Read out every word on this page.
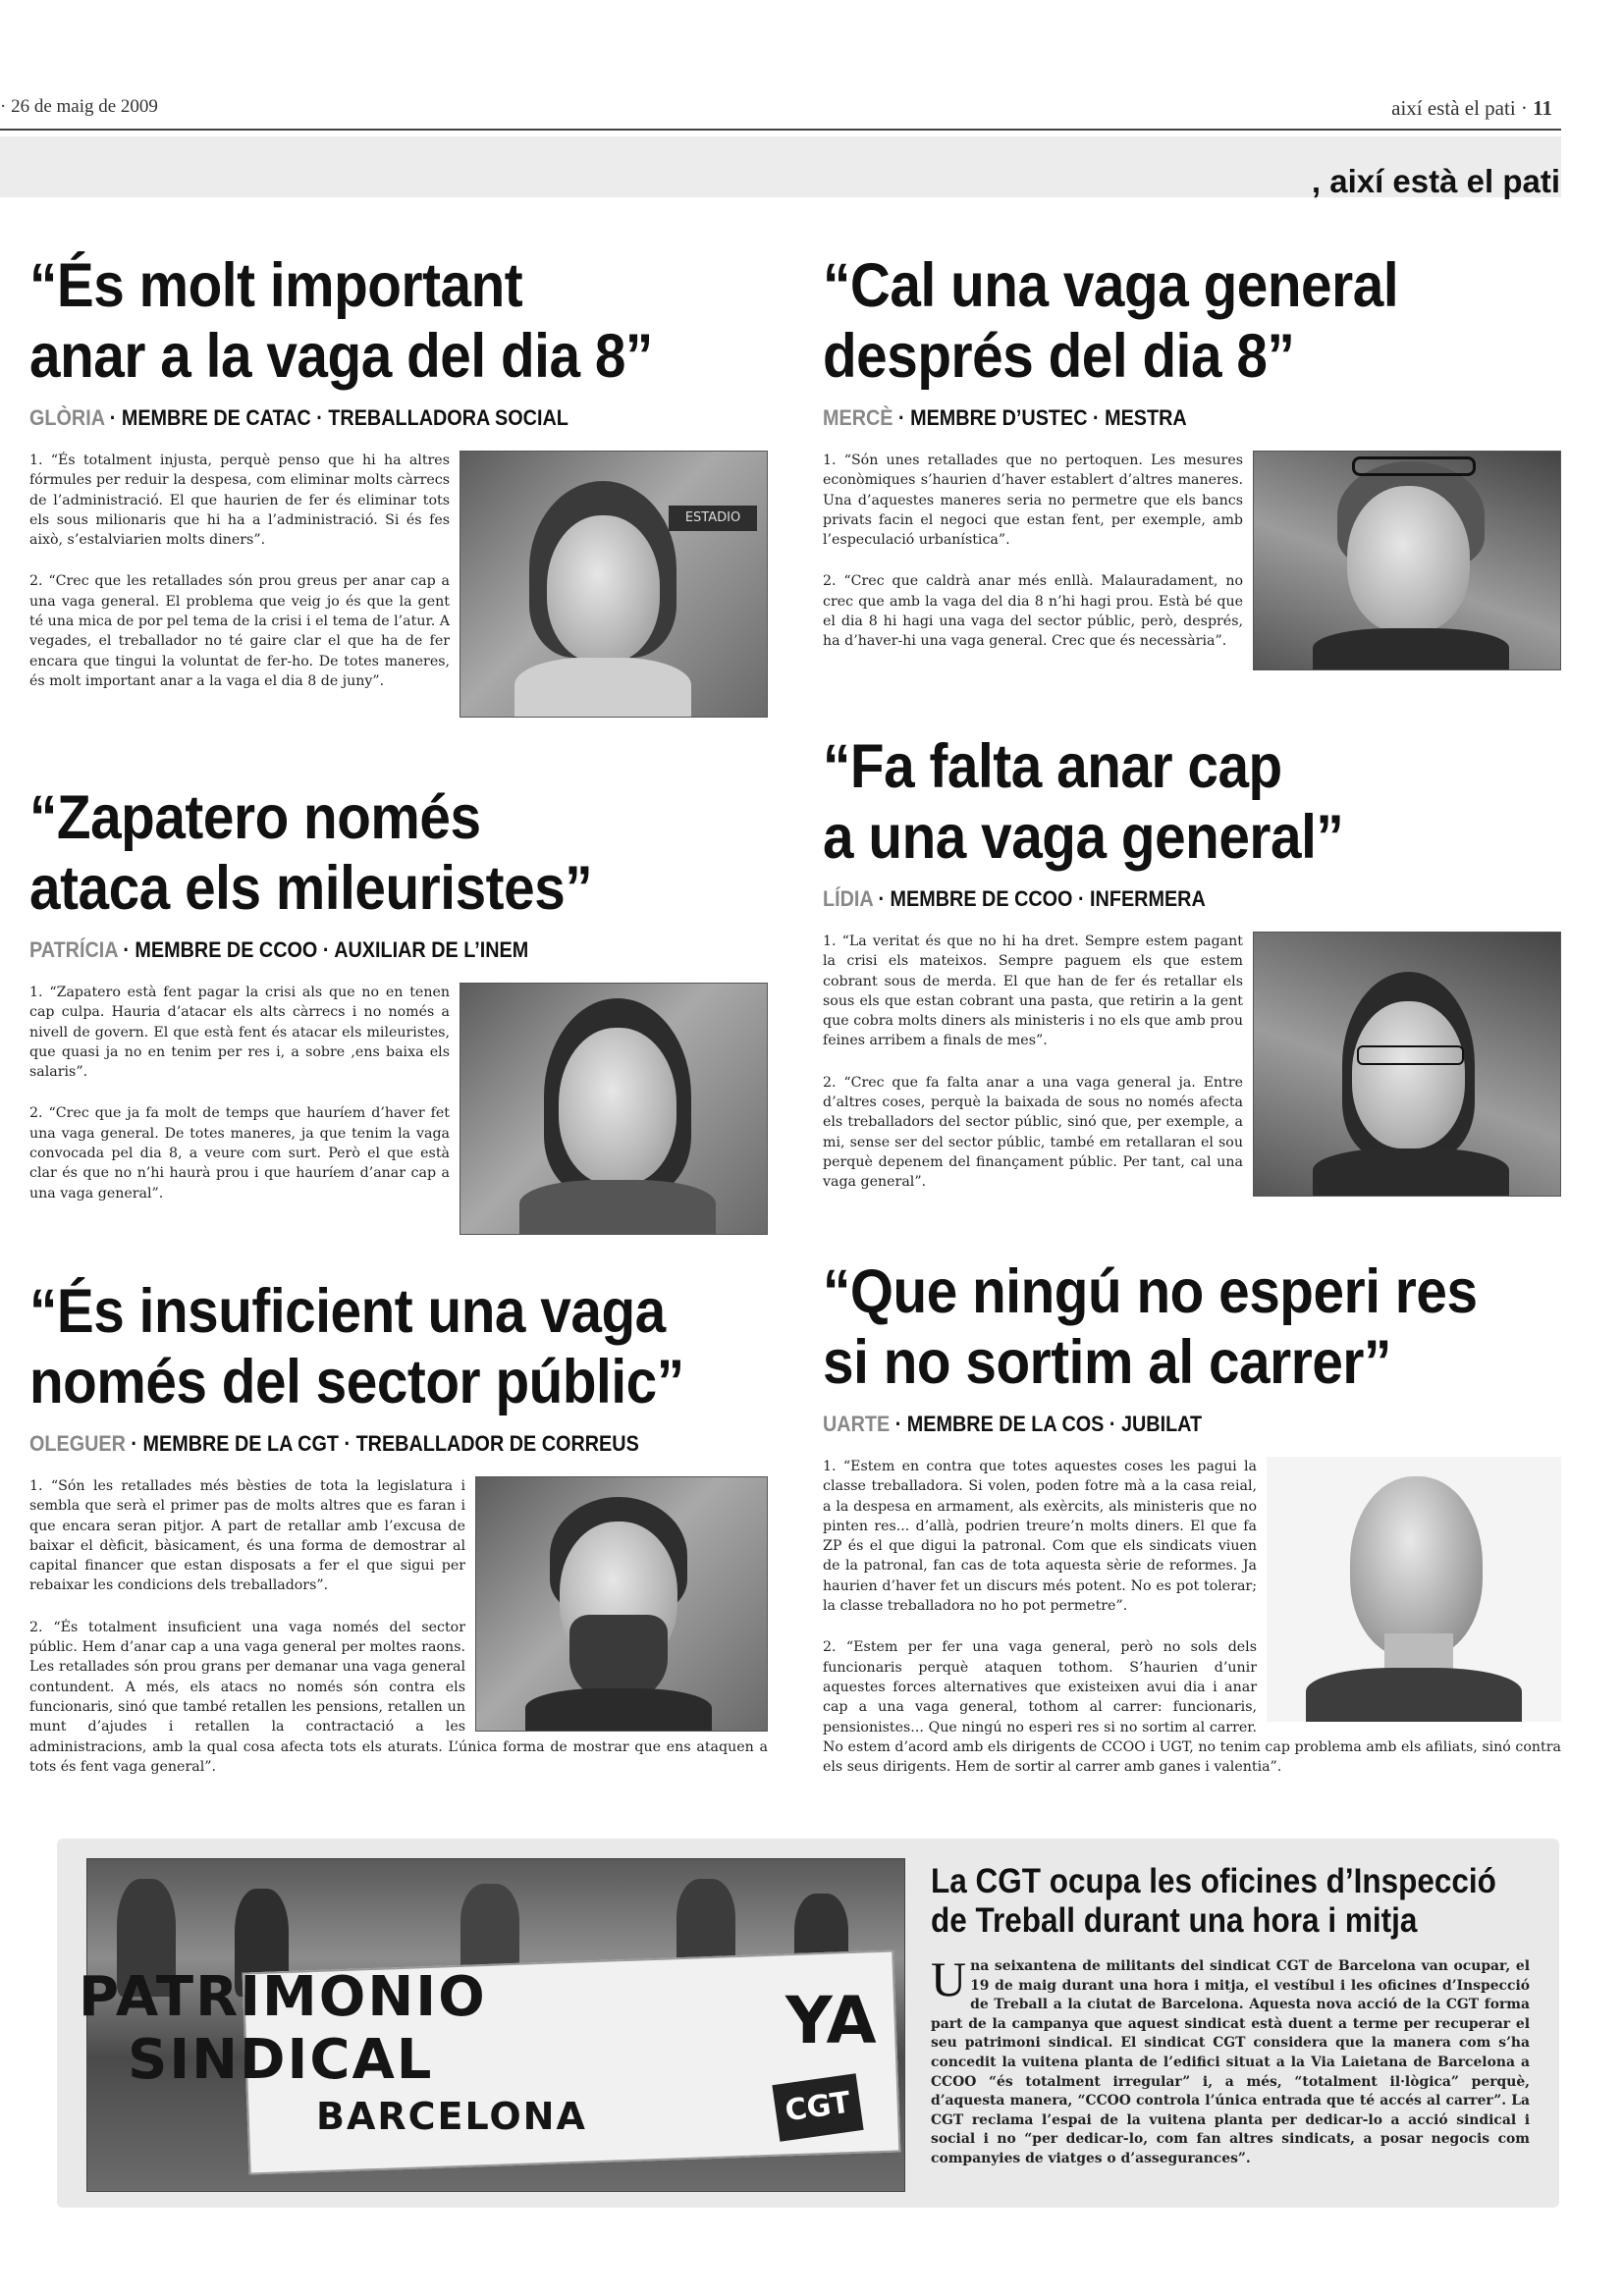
· 26 de maig de 2009	així està el pati · 11
, així està el pati
“És molt important
anar a la vaga del dia 8”
GLÒRIA · MEMBRE DE CATAC · TREBALLADORA SOCIAL
ESTADIO

1. “És totalment injusta, perquè penso que hi ha altres fórmules per reduir la despesa, com eliminar molts càrrecs de l’administració. El que haurien de fer és eliminar tots els sous milionaris que hi ha a l’administració. Si és fes això, s’estalviarien molts diners”.

2. “Crec que les retallades són prou greus per anar cap a una vaga general. El problema que veig jo és que la gent té una mica de por pel tema de la crisi i el tema de l’atur. A vegades, el treballador no té gaire clar el que ha de fer encara que tingui la voluntat de fer-ho. De totes maneres, és molt important anar a la vaga el dia 8 de juny”.

“Cal una vaga general
després del dia 8”
MERCÈ · MEMBRE D’USTEC · MESTRA

1. “Són unes retallades que no pertoquen. Les mesures econòmiques s’haurien d’haver establert d’altres maneres. Una d’aquestes maneres seria no permetre que els bancs privats facin el negoci que estan fent, per exemple, amb l’especulació urbanística”.

2. “Crec que caldrà anar més enllà. Malauradament, no crec que amb la vaga del dia 8 n’hi hagi prou. Està bé que el dia 8 hi hagi una vaga del sector públic, però, després, ha d’haver-hi una vaga general. Crec que és necessària”.

“Zapatero només
ataca els mileuristes”
PATRÍCIA · MEMBRE DE CCOO · AUXILIAR DE L’INEM

1. “Zapatero està fent pagar la crisi als que no en tenen cap culpa. Hauria d’atacar els alts càrrecs i no només a nivell de govern. El que està fent és atacar els mileuristes, que quasi ja no en tenim per res i, a sobre ,ens baixa els salaris”.

2. “Crec que ja fa molt de temps que hauríem d’haver fet una vaga general. De totes maneres, ja que tenim la vaga convocada pel dia 8, a veure com surt. Però el que està clar és que no n’hi haurà prou i que hauríem d’anar cap a una vaga general”.

“Fa falta anar cap
a una vaga general”
LÍDIA · MEMBRE DE CCOO · INFERMERA

1. “La veritat és que no hi ha dret. Sempre estem pagant la crisi els mateixos. Sempre paguem els que estem cobrant sous de merda. El que han de fer és retallar els sous els que estan cobrant una pasta, que retirin a la gent que cobra molts diners als ministeris i no els que amb prou feines arribem a finals de mes”.

2. “Crec que fa falta anar a una vaga general ja. Entre d’altres coses, perquè la baixada de sous no només afecta els treballadors del sector públic, sinó que, per exemple, a mi, sense ser del sector públic, també em retallaran el sou perquè depenem del finançament públic. Per tant, cal una vaga general”.

“És insuficient una vaga
només del sector públic”
OLEGUER · MEMBRE DE LA CGT · TREBALLADOR DE CORREUS

1. “Són les retallades més bèsties de tota la legislatura i sembla que serà el primer pas de molts altres que es faran i que encara seran pitjor. A part de retallar amb l’excusa de baixar el dèficit, bàsicament, és una forma de demostrar al capital financer que estan disposats a fer el que sigui per rebaixar les condicions dels treballadors”.

2. “És totalment insuficient una vaga només del sector públic. Hem d’anar cap a una vaga general per moltes raons. Les retallades són prou grans per demanar una vaga general contundent. A més, els atacs no només són contra els funcionaris, sinó que també retallen les pensions, retallen un munt d’ajudes i retallen la contractació a les administracions, amb la qual cosa afecta tots els aturats. L’única forma de mostrar que ens ataquen a tots és fent vaga general”.

“Que ningú no esperi res
si no sortim al carrer”
UARTE · MEMBRE DE LA COS · JUBILAT

1. “Estem en contra que totes aquestes coses les pagui la classe treballadora. Si volen, poden fotre mà a la casa reial, a la despesa en armament, als exèrcits, als ministeris que no pinten res... d’allà, podrien treure’n molts diners. El que fa ZP és el que digui la patronal. Com que els sindicats viuen de la patronal, fan cas de tota aquesta sèrie de reformes. Ja haurien d’haver fet un discurs més potent. No es pot tolerar; la classe treballadora no ho pot permetre”.

2. “Estem per fer una vaga general, però no sols dels funcionaris perquè ataquen tothom. S’haurien d’unir aquestes forces alternatives que existeixen avui dia i anar cap a una vaga general, tothom al carrer: funcionaris, pensionistes... Que ningú no esperi res si no sortim al carrer. No estem d’acord amb els dirigents de CCOO i UGT, no tenim cap problema amb els afiliats, sinó contra els seus dirigents. Hem de sortir al carrer amb ganes i valentia”.

PATRIMONIO
SINDICAL
BARCELONA
YA
CGT
La CGT ocupa les oficines d’Inspecció
de Treball durant una hora i mitja
Una seixantena de militants del sindicat CGT de Barcelona van ocupar, el 19 de maig durant una hora i mitja, el vestíbul i les oficines d’Inspecció de Treball a la ciutat de Barcelona. Aquesta nova acció de la CGT forma part de la campanya que aquest sindicat està duent a terme per recuperar el seu patrimoni sindical. El sindicat CGT considera que la manera com s’ha concedit la vuitena planta de l’edifici situat a la Via Laietana de Barcelona a CCOO “és totalment irregular” i, a més, “totalment il·lògica” perquè, d’aquesta manera, “CCOO controla l’única entrada que té accés al carrer”. La CGT reclama l’espai de la vuitena planta per dedicar-lo a acció sindical i social i no “per dedicar-lo, com fan altres sindicats, a posar negocis com companyies de viatges o d’assegurances”.
